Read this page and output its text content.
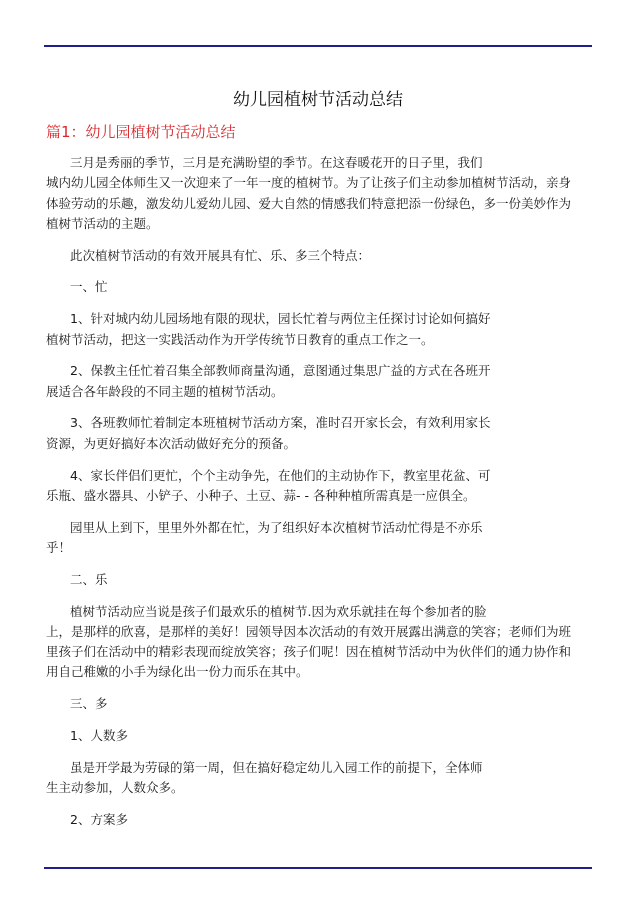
幼儿园植树节活动总结
篇1：幼儿园植树节活动总结
三月是秀丽的季节，三月是充满盼望的季节。在这春暖花开的日子里，我们
城内幼儿园全体师生又一次迎来了一年一度的植树节。为了让孩子们主动参加植树节活动，亲身
体验劳动的乐趣，激发幼儿爱幼儿园、爱大自然的情感我们特意把添一份绿色，多一份美妙作为
植树节活动的主题。
此次植树节活动的有效开展具有忙、乐、多三个特点：
一、忙
1、针对城内幼儿园场地有限的现状，园长忙着与两位主任探讨讨论如何搞好
植树节活动，把这一实践活动作为开学传统节日教育的重点工作之一。
2、保教主任忙着召集全部教师商量沟通，意图通过集思广益的方式在各班开
展适合各年龄段的不同主题的植树节活动。
3、各班教师忙着制定本班植树节活动方案，准时召开家长会，有效利用家长
资源，为更好搞好本次活动做好充分的预备。
4、家长伴侣们更忙，个个主动争先，在他们的主动协作下，教室里花盆、可
乐瓶、盛水器具、小铲子、小种子、土豆、蒜- - 各种种植所需真是一应俱全。
园里从上到下，里里外外都在忙，为了组织好本次植树节活动忙得是不亦乐
乎！
二、乐
植树节活动应当说是孩子们最欢乐的植树节.因为欢乐就挂在每个参加者的脸
上，是那样的欣喜，是那样的美好！园领导因本次活动的有效开展露出满意的笑容；老师们为班
里孩子们在活动中的精彩表现而绽放笑容；孩子们呢！因在植树节活动中为伙伴们的通力协作和
用自己稚嫩的小手为绿化出一份力而乐在其中。
三、多
1、人数多
虽是开学最为劳碌的第一周，但在搞好稳定幼儿入园工作的前提下，全体师
生主动参加，人数众多。
2、方案多
